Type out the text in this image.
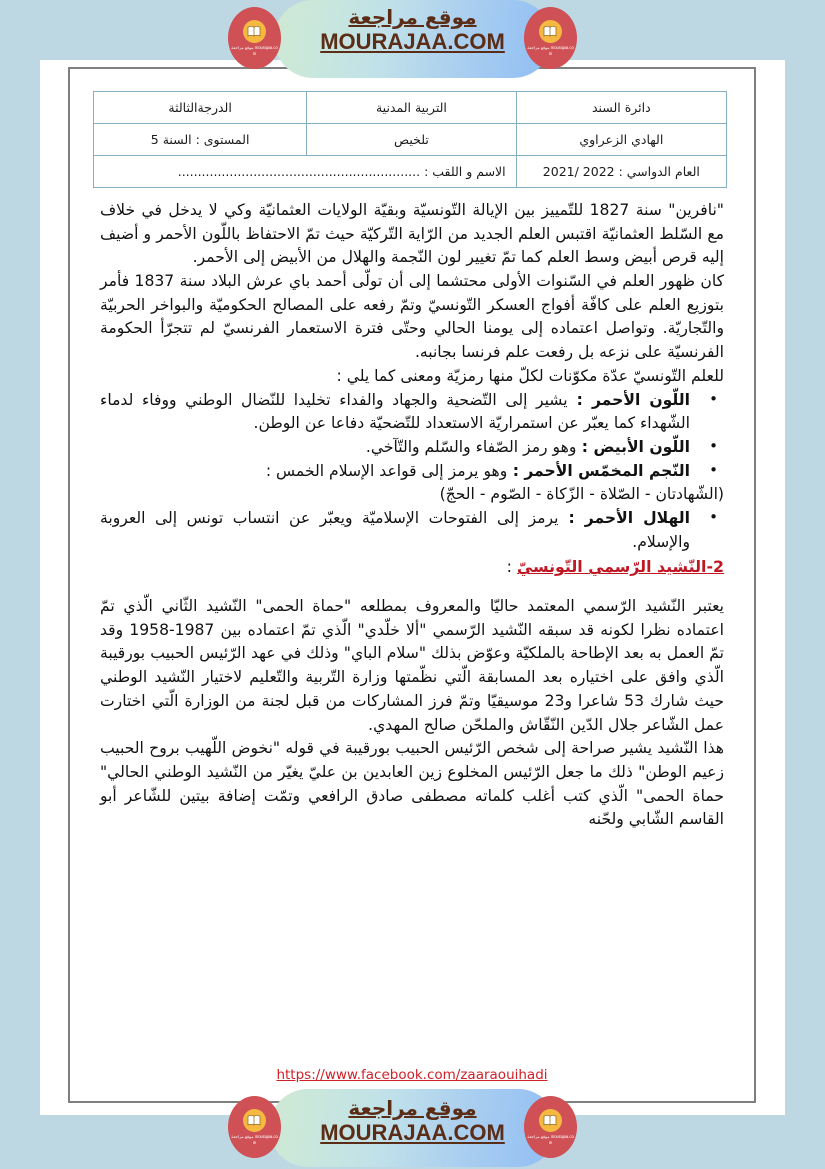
موقع مراجعة mourajaa.com
موقع مراجعة
MOURAJAA.COM	موقع مراجعة mourajaa.com
دائرة السند	التربية المدنية	الدرجةالثالثة
الهادي الزعراوي	تلخيص	المستوى : السنة 5
العام الدواسي : 2022 /2021	الاسم و اللقب : .............................................................	

"نافرين" سنة 1827 للتّمييز بين الإيالة التّونسيّة وبقيّة الولايات العثمانيّة وكي لا يدخل في خلاف مع السّلط العثمانيّة اقتبس العلم الجديد من الرّاية التّركيّة حيث تمّ الاحتفاظ باللّون الأحمر و أضيف إليه قرص أبيض وسط العلم كما تمّ تغيير لون النّجمة والهلال من الأبيض إلى الأحمر.

كان ظهور العلم في السّنوات الأولى محتشما إلى أن تولّى أحمد باي عرش البلاد سنة 1837 فأمر بتوزيع العلم على كافّة أفواج العسكر التّونسيّ وتمّ رفعه على المصالح الحكوميّة والبواخر الحربيّة والتّجاريّة. وتواصل اعتماده إلى يومنا الحالي وحتّى فترة الاستعمار الفرنسيّ لم تتجرّأ الحكومة الفرنسيّة على نزعه بل رفعت علم فرنسا بجانبه.

للعلم التّونسيّ عدّة مكوّنات لكلّ منها رمزيّة ومعنى كما يلي :

• اللّون الأحمر : يشير إلى التّضحية والجهاد والفداء تخليدا للنّضال الوطني ووفاء لدماء الشّهداء كما يعبّر عن استمراريّة الاستعداد للتّضحيّة دفاعا عن الوطن.
• اللّون الأبيض : وهو رمز الصّفاء والسّلم والتّآخي.
• النّجم المخمّس الأحمر : وهو يرمز إلى قواعد الإسلام الخمس :

(الشّهادتان - الصّلاة - الزّكاة - الصّوم - الحجّ)

• الهلال الأحمر : يرمز إلى الفتوحات الإسلاميّة ويعبّر عن انتساب تونس إلى العروبة والإسلام.

2-النّشيد الرّسمي التّونسيّ :

يعتبر النّشيد الرّسمي المعتمد حاليّا والمعروف بمطلعه "حماة الحمى" النّشيد الثّاني الّذي تمّ اعتماده نظرا لكونه قد سبقه النّشيد الرّسمي "ألا خلّدي" الّذي تمّ اعتماده بين 1987-1958 وقد تمّ العمل به بعد الإطاحة بالملكيّة وعوّض بذلك "سلام الباي" وذلك في عهد الرّئيس الحبيب بورقيبة الّذي وافق على اختياره بعد المسابقة الّتي نظّمتها وزارة التّربية والتّعليم لاختيار النّشيد الوطني حيث شارك 53 شاعرا و23 موسيقيّا وتمّ فرز المشاركات من قبل لجنة من الوزارة الّتي اختارت عمل الشّاعر جلال الدّين النّقّاش والملحّن صالح المهدي.

هذا النّشيد يشير صراحة إلى شخص الرّئيس الحبيب بورقيبة في قوله "نخوض اللّهيب بروح الحبيب زعيم الوطن" ذلك ما جعل الرّئيس المخلوع زين العابدين بن عليّ يغيّر من النّشيد الوطني الحالي" حماة الحمى" الّذي كتب أغلب كلماته مصطفى صادق الرافعي وتمّت إضافة بيتين للشّاعر أبو القاسم الشّابي ولحّنه

https://www.facebook.com/zaaraouihadi
موقع مراجعة mourajaa.com
موقع مراجعة
MOURAJAA.COM	موقع مراجعة mourajaa.com
